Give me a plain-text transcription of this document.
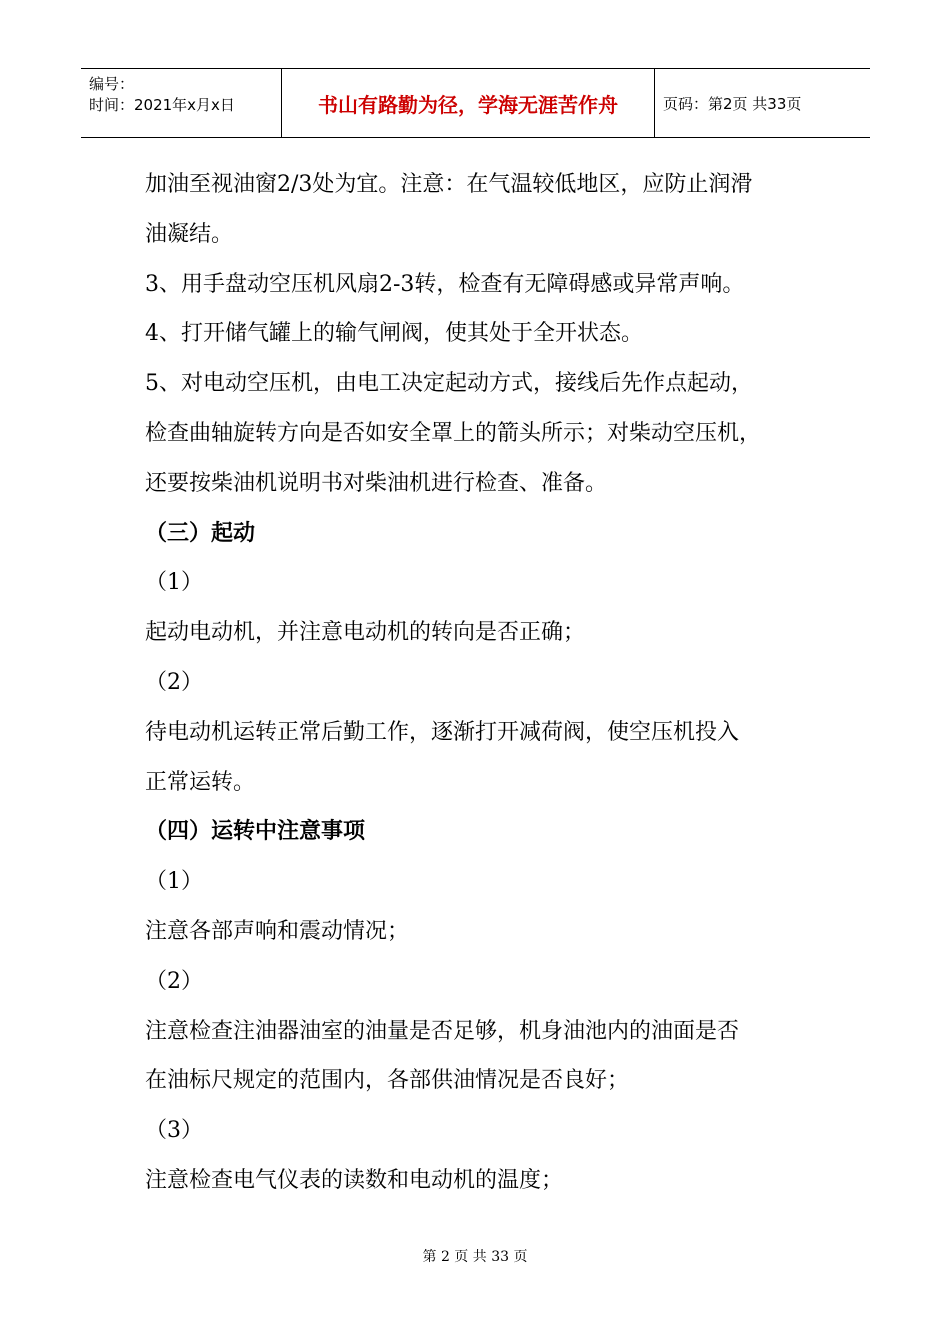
编号：
时间：2021年x月x日	书山有路勤为径，学海无涯苦作舟	页码：第2页 共33页
加油至视油窗2/3处为宜。注意：在气温较低地区，应防止润滑
油凝结。
3、用手盘动空压机风扇2-3转，检查有无障碍感或异常声响。
4、打开储气罐上的输气闸阀，使其处于全开状态。
5、对电动空压机，由电工决定起动方式，接线后先作点起动，
检查曲轴旋转方向是否如安全罩上的箭头所示；对柴动空压机，
还要按柴油机说明书对柴油机进行检查、准备。
（三）起动
（1）
起动电动机，并注意电动机的转向是否正确；
（2）
待电动机运转正常后勤工作，逐渐打开减荷阀，使空压机投入
正常运转。
（四）运转中注意事项
（1）
注意各部声响和震动情况；
（2）
注意检查注油器油室的油量是否足够，机身油池内的油面是否
在油标尺规定的范围内，各部供油情况是否良好；
（3）
注意检查电气仪表的读数和电动机的温度；
第 2 页 共 33 页
